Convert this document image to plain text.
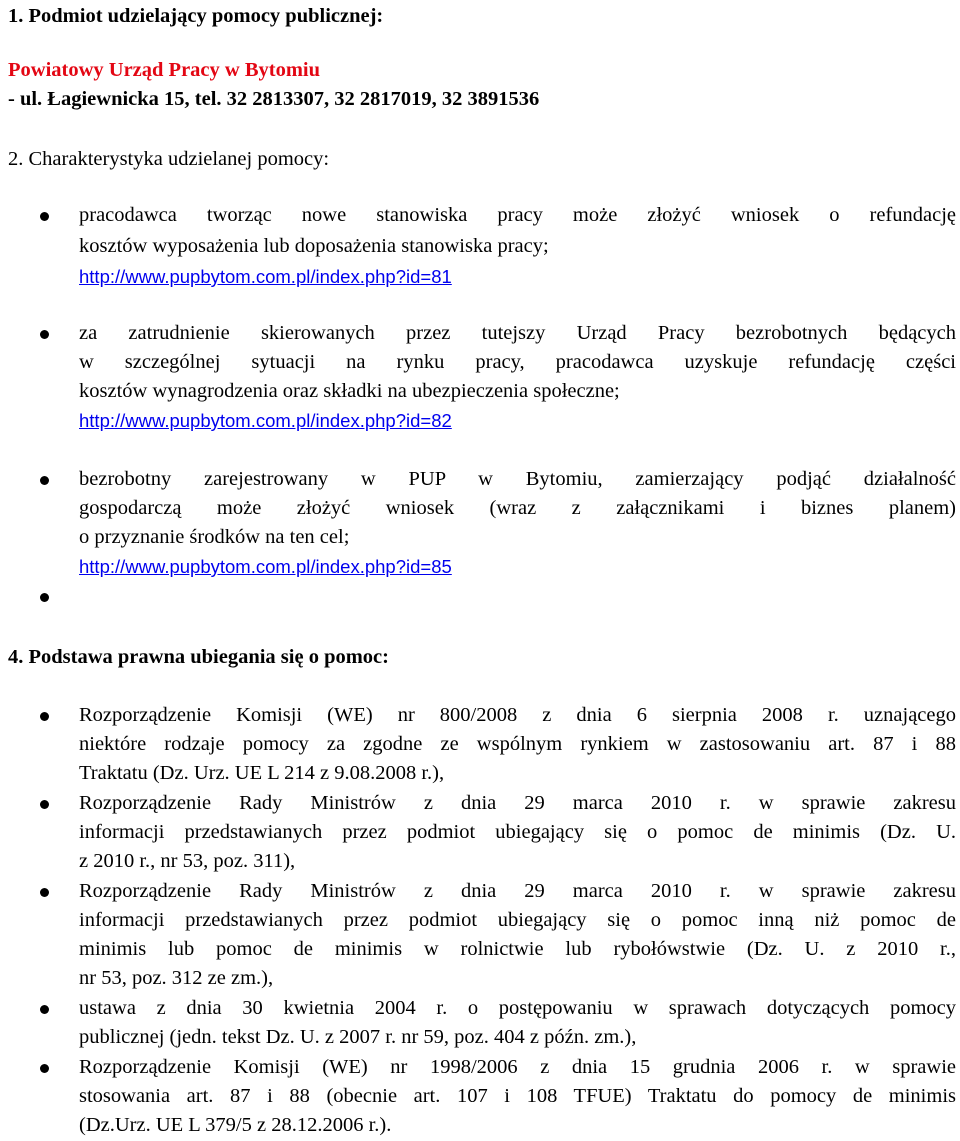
1. Podmiot udzielający pomocy publicznej:

Powiatowy Urząd Pracy w Bytomiu

- ul. Łagiewnicka 15, tel. 32 2813307, 32 2817019, 32 3891536

2. Charakterystyka udzielanej pomocy:

pracodawca tworząc nowe stanowiska pracy może złożyć wniosek o refundację

kosztów wyposażenia lub doposażenia stanowiska pracy;

http://www.pupbytom.com.pl/index.php?id=81

za zatrudnienie skierowanych przez tutejszy Urząd Pracy bezrobotnych będących

w szczególnej sytuacji na rynku pracy, pracodawca uzyskuje refundację części

kosztów wynagrodzenia oraz składki na ubezpieczenia społeczne;

http://www.pupbytom.com.pl/index.php?id=82

bezrobotny zarejestrowany w PUP w Bytomiu, zamierzający podjąć działalność

gospodarczą może złożyć wniosek (wraz z załącznikami i biznes planem)

o przyznanie środków na ten cel;

http://www.pupbytom.com.pl/index.php?id=85

4. Podstawa prawna ubiegania się o pomoc:

Rozporządzenie Komisji (WE) nr 800/2008 z dnia 6 sierpnia 2008 r. uznającego

niektóre rodzaje pomocy za zgodne ze wspólnym rynkiem w zastosowaniu art. 87 i 88

Traktatu (Dz. Urz. UE L 214 z 9.08.2008 r.),

Rozporządzenie Rady Ministrów z dnia 29 marca 2010 r. w sprawie zakresu

informacji przedstawianych przez podmiot ubiegający się o pomoc de minimis (Dz. U.

z 2010 r., nr 53, poz. 311),

Rozporządzenie Rady Ministrów z dnia 29 marca 2010 r. w sprawie zakresu

informacji przedstawianych przez podmiot ubiegający się o pomoc inną niż pomoc de

minimis lub pomoc de minimis w rolnictwie lub rybołówstwie (Dz. U. z 2010 r.,

nr 53, poz. 312 ze zm.),

ustawa z dnia 30 kwietnia 2004 r. o postępowaniu w sprawach dotyczących pomocy

publicznej (jedn. tekst Dz. U. z 2007 r. nr 59, poz. 404 z późn. zm.),

Rozporządzenie Komisji (WE) nr 1998/2006 z dnia 15 grudnia 2006 r. w sprawie

stosowania art. 87 i 88 (obecnie art. 107 i 108 TFUE) Traktatu do pomocy de minimis

(Dz.Urz. UE L 379/5 z 28.12.2006 r.).
